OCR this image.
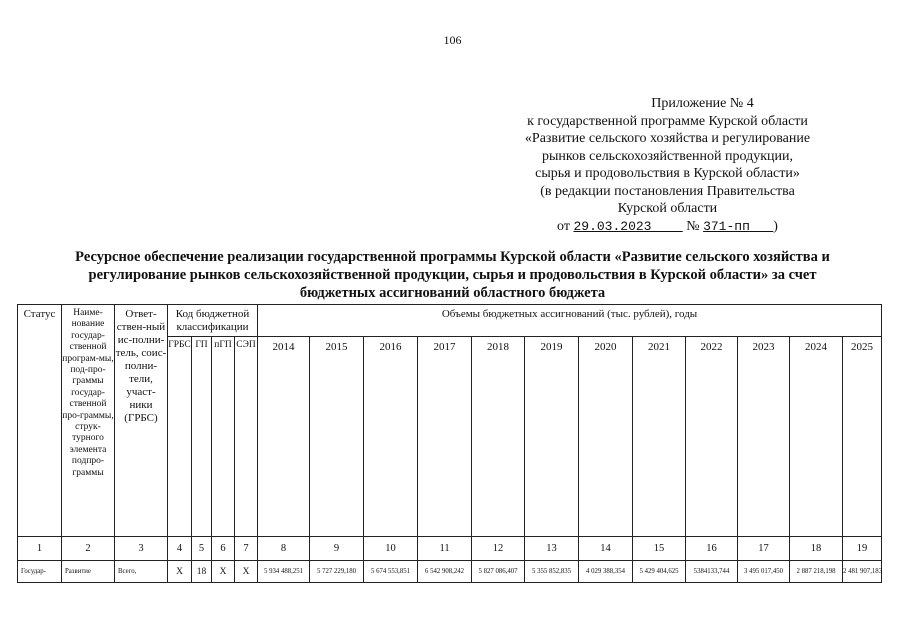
106
Приложение № 4
к государственной программе Курской области
«Развитие сельского хозяйства и регулирование
рынков сельскохозяйственной продукции,
сырья и продовольствия в Курской области»
(в редакции постановления Правительства
Курской области
от 29.03.2023 № 371-пп )
Ресурсное обеспечение реализации государственной программы Курской области «Развитие сельского хозяйства и регулирование рынков сельскохозяйственной продукции, сырья и продовольствия в Курской области» за счет бюджетных ассигнований областного бюджета
Статус	Наиме-нование государ-ственной програм-мы, под-про-граммы государ-ственной про-граммы, струк-турного элемента подпро-граммы	Ответ-ствен-ный ис-полни-тель, соис-полни-тели, участ-ники (ГРБС)	Код бюджетной классификации				Объемы бюджетных ассигнований (тыс. рублей), годы											
			ГРБС	ГП	пГП	СЭП	2014	2015	2016	2017	2018	2019	2020	2021	2022	2023	2024	2025
1	2	3	4	5	6	7	8	9	10	11	12	13	14	15	16	17	18	19
Государ-	Развитие	Всего,	X	18	X	X	5 934 488,251	5 727 229,180	5 674 553,851	6 542 908,242	5 827 086,407	5 355 852,835	4 029 388,354	5 429 404,625	5384133,744	3 495 017,450	2 887 218,198	2 481 907,183
